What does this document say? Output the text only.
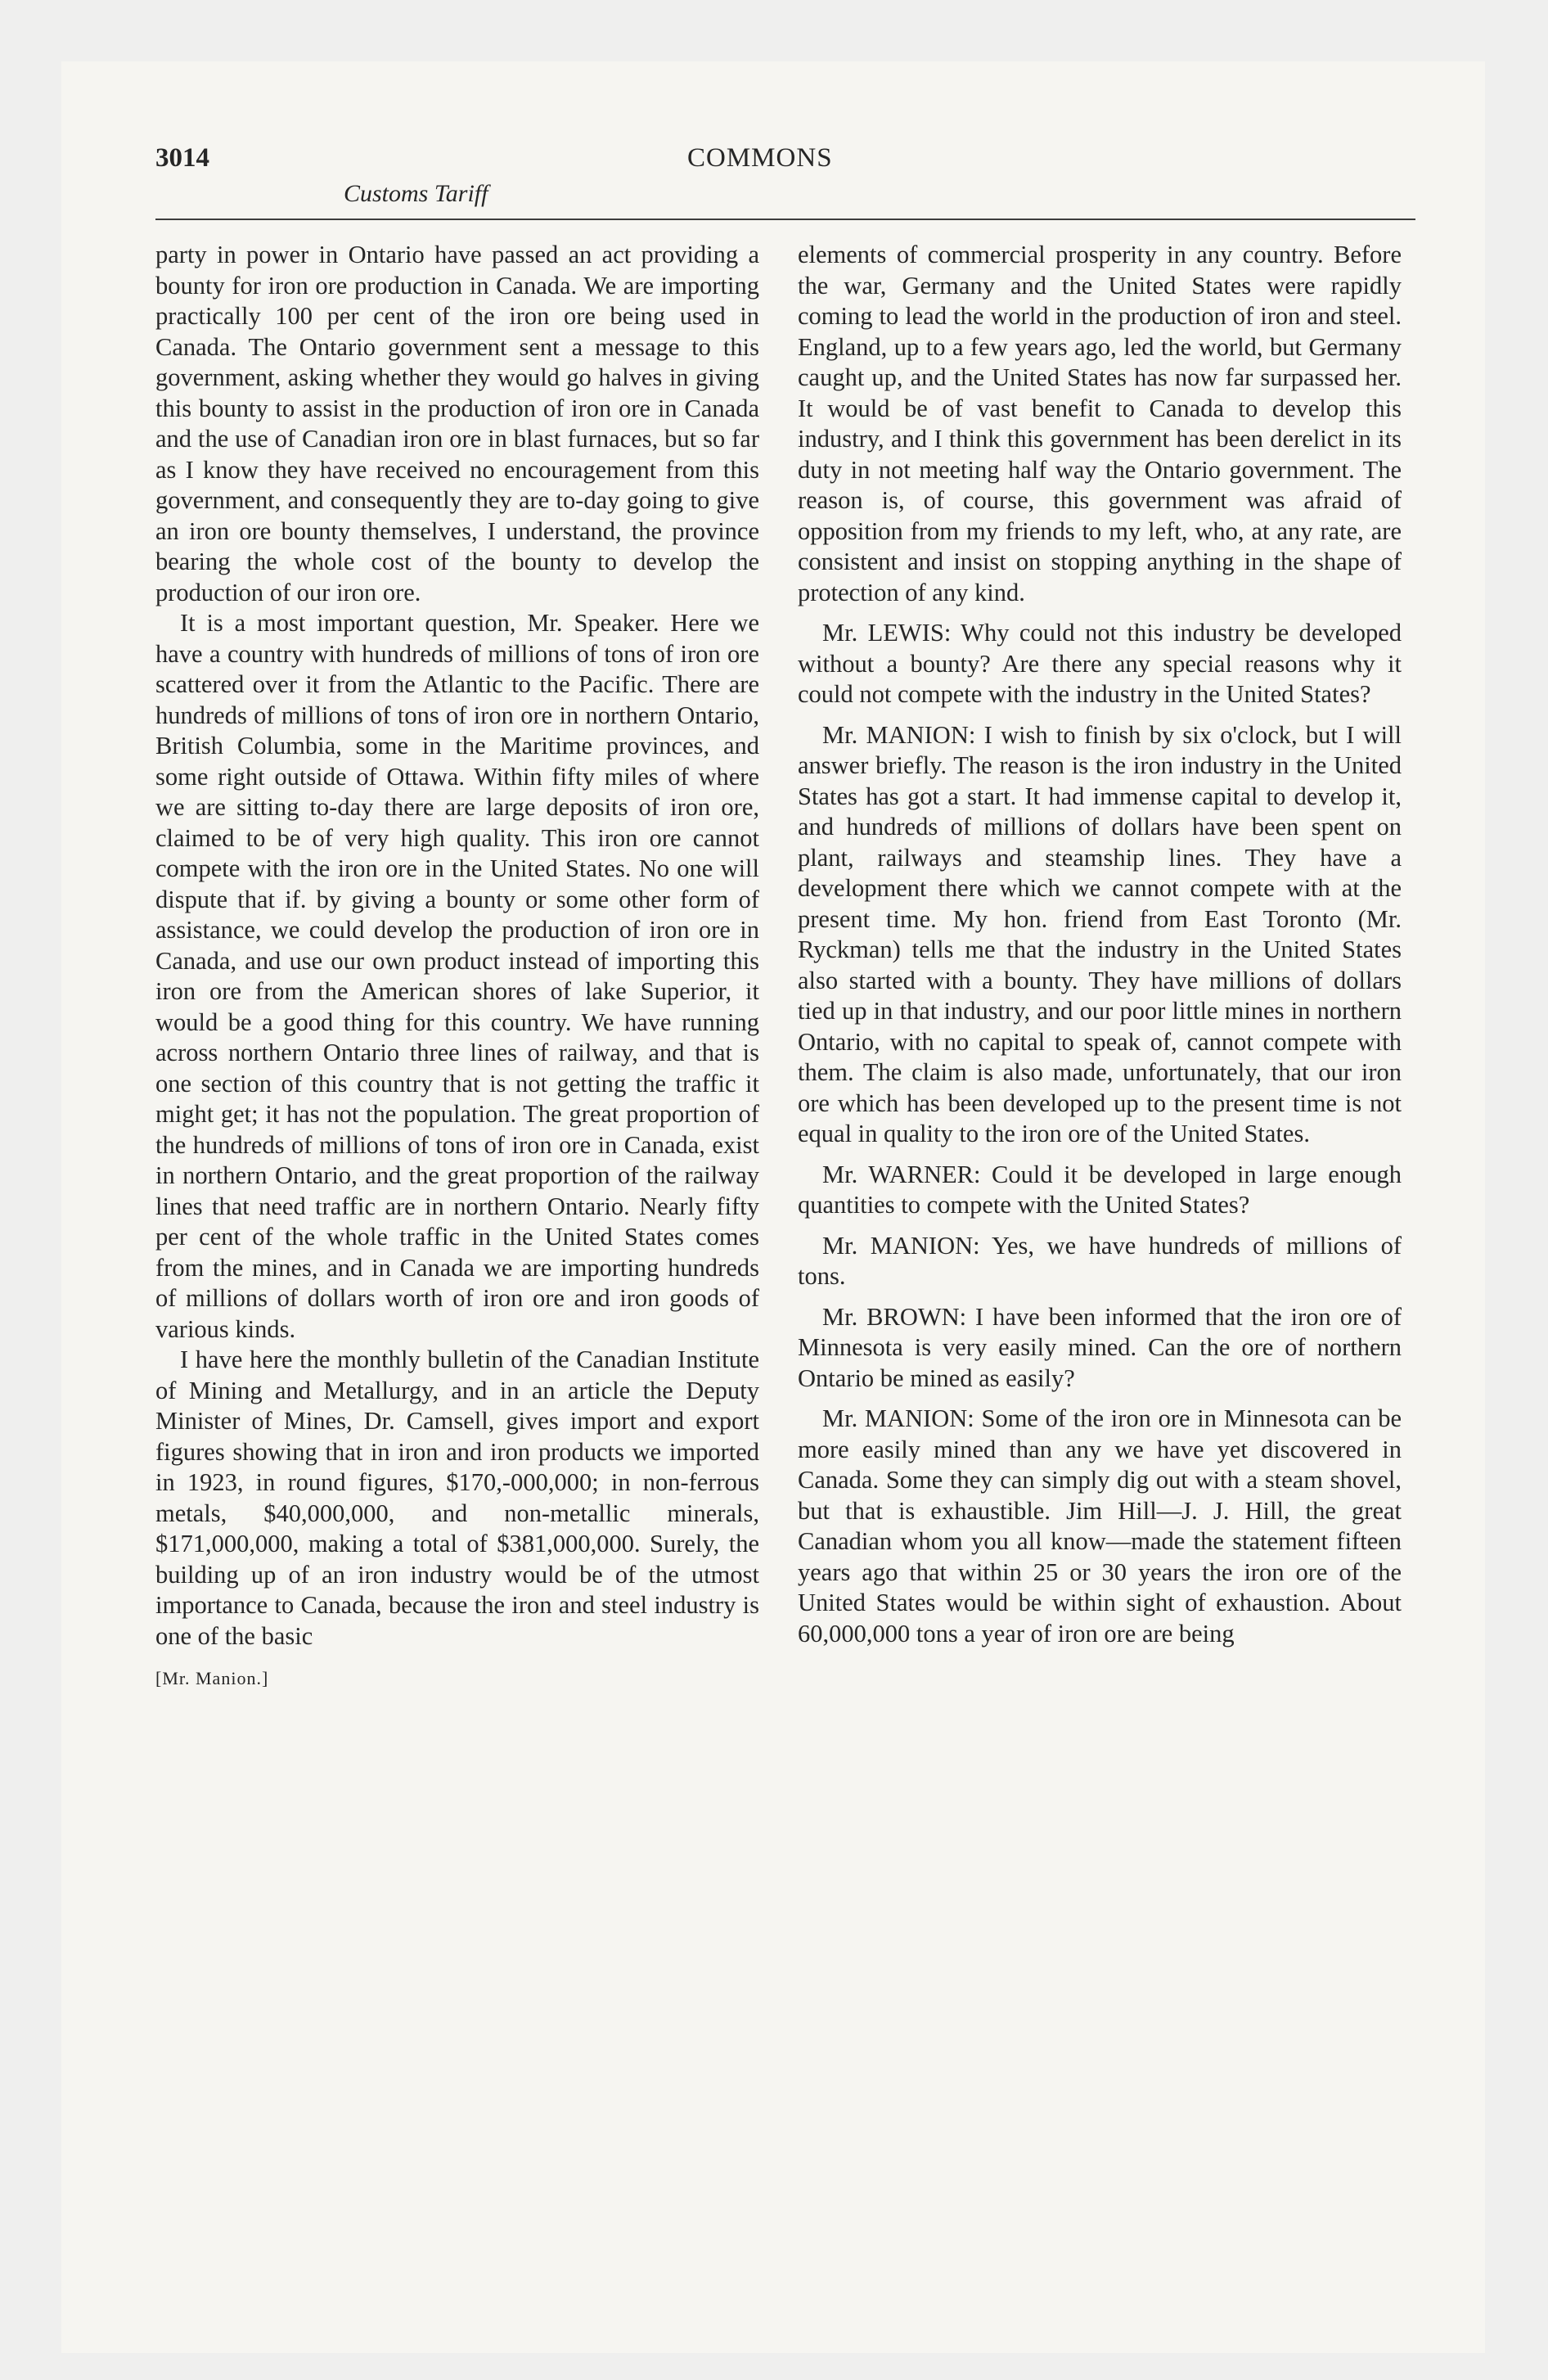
3014
Customs Tariff
COMMONS

party in power in Ontario have passed an act providing a bounty for iron ore production in Canada. We are importing practically 100 per cent of the iron ore being used in Canada. The Ontario government sent a message to this government, asking whether they would go halves in giving this bounty to assist in the production of iron ore in Canada and the use of Canadian iron ore in blast furnaces, but so far as I know they have received no encouragement from this government, and consequently they are to-day going to give an iron ore bounty themselves, I understand, the province bearing the whole cost of the bounty to develop the production of our iron ore.

It is a most important question, Mr. Speaker. Here we have a country with hundreds of millions of tons of iron ore scattered over it from the Atlantic to the Pacific. There are hundreds of millions of tons of iron ore in northern Ontario, British Columbia, some in the Maritime provinces, and some right outside of Ottawa. Within fifty miles of where we are sitting to-day there are large deposits of iron ore, claimed to be of very high quality. This iron ore cannot compete with the iron ore in the United States. No one will dispute that if. by giving a bounty or some other form of assistance, we could develop the production of iron ore in Canada, and use our own product instead of importing this iron ore from the American shores of lake Superior, it would be a good thing for this country. We have running across northern Ontario three lines of railway, and that is one section of this country that is not getting the traffic it might get; it has not the population. The great proportion of the hundreds of millions of tons of iron ore in Canada, exist in northern Ontario, and the great proportion of the railway lines that need traffic are in northern Ontario. Nearly fifty per cent of the whole traffic in the United States comes from the mines, and in Canada we are importing hundreds of millions of dollars worth of iron ore and iron goods of various kinds.

I have here the monthly bulletin of the Canadian Institute of Mining and Metallurgy, and in an article the Deputy Minister of Mines, Dr. Camsell, gives import and export figures showing that in iron and iron products we imported in 1923, in round figures, $170,-000,000; in non-ferrous metals, $40,000,000, and non-metallic minerals, $171,000,000, making a total of $381,000,000. Surely, the building up of an iron industry would be of the utmost importance to Canada, because the iron and steel industry is one of the basic

[Mr. Manion.]

elements of commercial prosperity in any country. Before the war, Germany and the United States were rapidly coming to lead the world in the production of iron and steel. England, up to a few years ago, led the world, but Germany caught up, and the United States has now far surpassed her. It would be of vast benefit to Canada to develop this industry, and I think this government has been derelict in its duty in not meeting half way the Ontario government. The reason is, of course, this government was afraid of opposition from my friends to my left, who, at any rate, are consistent and insist on stopping anything in the shape of protection of any kind.

Mr. LEWIS: Why could not this industry be developed without a bounty? Are there any special reasons why it could not compete with the industry in the United States?

Mr. MANION: I wish to finish by six o'clock, but I will answer briefly. The reason is the iron industry in the United States has got a start. It had immense capital to develop it, and hundreds of millions of dollars have been spent on plant, railways and steamship lines. They have a development there which we cannot compete with at the present time. My hon. friend from East Toronto (Mr. Ryckman) tells me that the industry in the United States also started with a bounty. They have millions of dollars tied up in that industry, and our poor little mines in northern Ontario, with no capital to speak of, cannot compete with them. The claim is also made, unfortunately, that our iron ore which has been developed up to the present time is not equal in quality to the iron ore of the United States.

Mr. WARNER: Could it be developed in large enough quantities to compete with the United States?

Mr. MANION: Yes, we have hundreds of millions of tons.

Mr. BROWN: I have been informed that the iron ore of Minnesota is very easily mined. Can the ore of northern Ontario be mined as easily?

Mr. MANION: Some of the iron ore in Minnesota can be more easily mined than any we have yet discovered in Canada. Some they can simply dig out with a steam shovel, but that is exhaustible. Jim Hill—J. J. Hill, the great Canadian whom you all know—made the statement fifteen years ago that within 25 or 30 years the iron ore of the United States would be within sight of exhaustion. About 60,000,000 tons a year of iron ore are being
